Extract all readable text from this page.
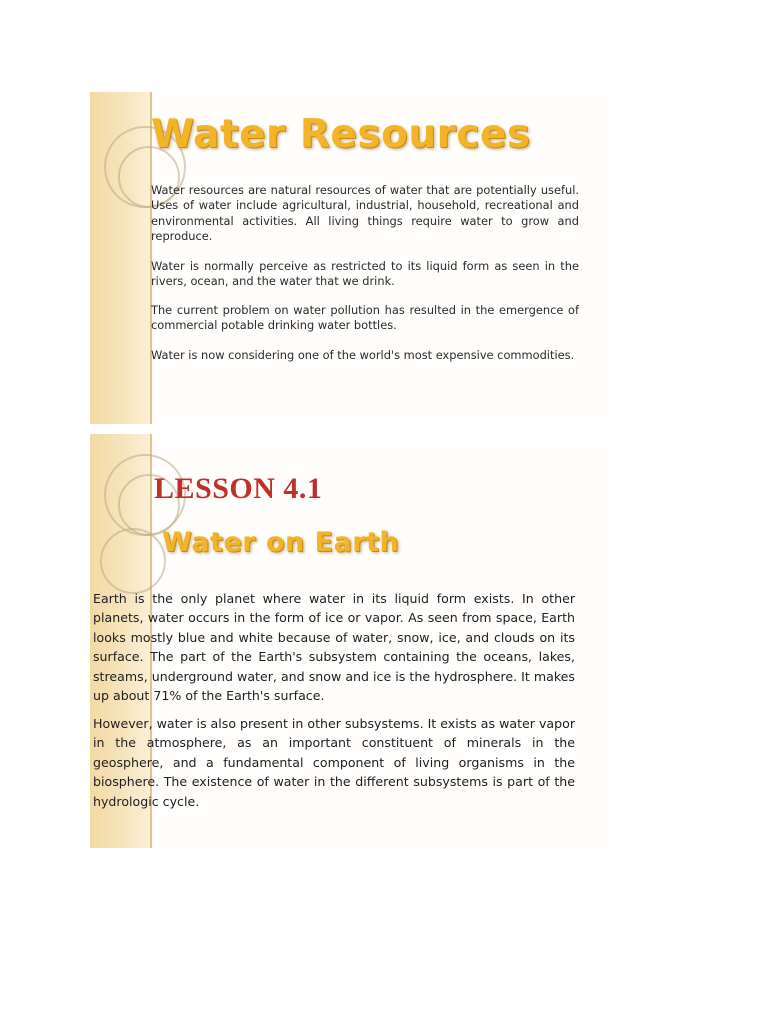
Water Resources

Water resources are natural resources of water that are potentially useful. Uses of water include agricultural, industrial, household, recreational and environmental activities. All living things require water to grow and reproduce.

Water is normally perceive as restricted to its liquid form as seen in the rivers, ocean, and the water that we drink.

The current problem on water pollution has resulted in the emergence of commercial potable drinking water bottles.

Water is now considering one of the world's most expensive commodities.

LESSON 4.1
Water on Earth

Earth is the only planet where water in its liquid form exists. In other planets, water occurs in the form of ice or vapor. As seen from space, Earth looks mostly blue and white because of water, snow, ice, and clouds on its surface. The part of the Earth's subsystem containing the oceans, lakes, streams, underground water, and snow and ice is the hydrosphere. It makes up about 71% of the Earth's surface.

However, water is also present in other subsystems. It exists as water vapor in the atmosphere, as an important constituent of minerals in the geosphere, and a fundamental component of living organisms in the biosphere. The existence of water in the different subsystems is part of the hydrologic cycle.
